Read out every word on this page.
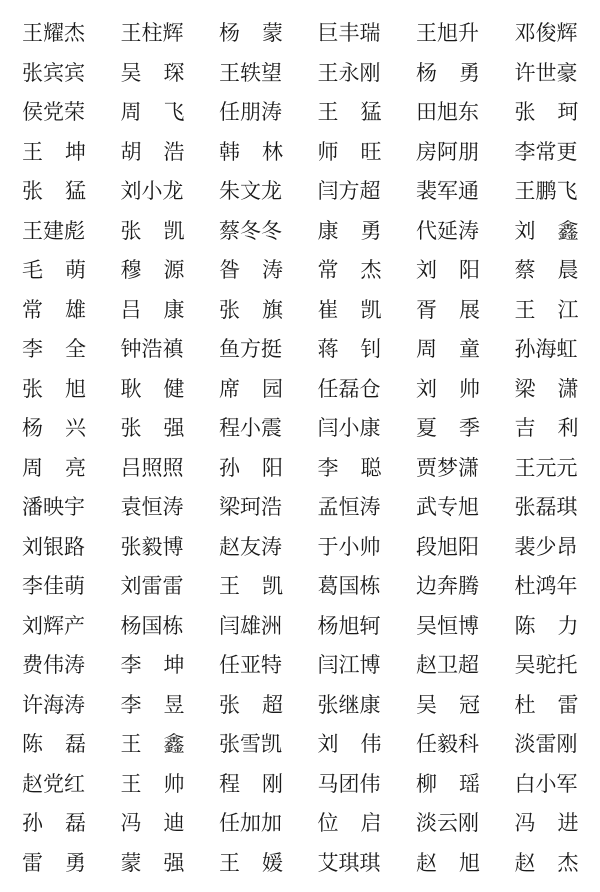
王耀杰 王柱辉 杨 蒙 巨丰瑞 王旭升 邓俊辉
张宾宾 吴 琛 王轶望 王永刚 杨 勇 许世豪
侯党荣 周 飞 任朋涛 王 猛 田旭东 张 珂
王 坤 胡 浩 韩 林 师 旺 房阿朋 李常更
张 猛 刘小龙 朱文龙 闫方超 裴军通 王鹏飞
王建彪 张 凯 蔡冬冬 康 勇 代延涛 刘 鑫
毛 萌 穆 源 昝 涛 常 杰 刘 阳 蔡 晨
常 雄 吕 康 张 旗 崔 凯 胥 展 王 江
李 全 钟浩禛 鱼方挺 蒋 钊 周 童 孙海虹
张 旭 耿 健 席 园 任磊仓 刘 帅 梁 潇
杨 兴 张 强 程小震 闫小康 夏 季 吉 利
周 亮 吕照照 孙 阳 李 聪 贾梦潇 王元元
潘映宇 袁恒涛 梁珂浩 孟恒涛 武专旭 张磊琪
刘银路 张毅博 赵友涛 于小帅 段旭阳 裴少昂
李佳萌 刘雷雷 王 凯 葛国栋 边奔腾 杜鸿年
刘辉产 杨国栋 闫雄洲 杨旭轲 吴恒博 陈 力
费伟涛 李 坤 任亚特 闫江博 赵卫超 吴驼托
许海涛 李 昱 张 超 张继康 吴 冠 杜 雷
陈 磊 王 鑫 张雪凯 刘 伟 任毅科 淡雷刚
赵党红 王 帅 程 刚 马团伟 柳 瑶 白小军
孙 磊 冯 迪 任加加 位 启 淡云刚 冯 进
雷 勇 蒙 强 王 媛 艾琪琪 赵 旭 赵 杰
